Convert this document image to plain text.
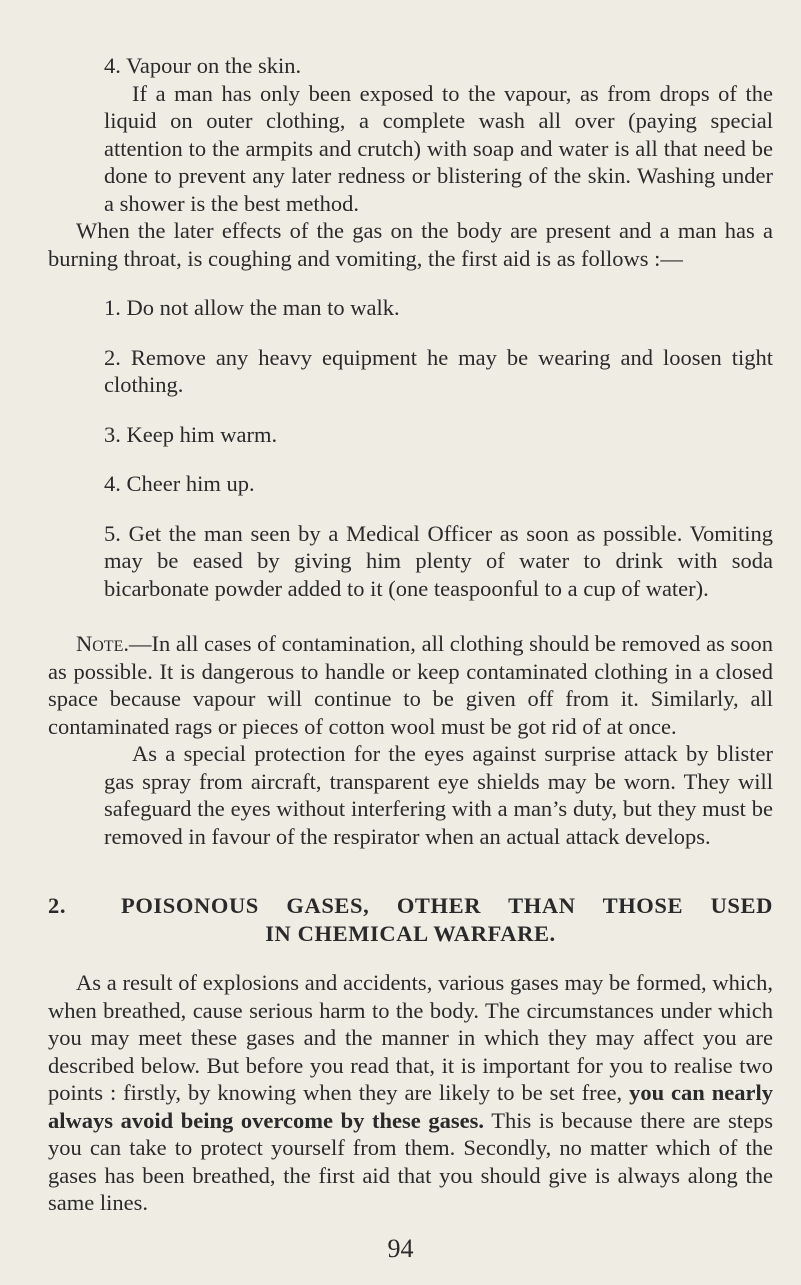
4. Vapour on the skin.

If a man has only been exposed to the vapour, as from drops of the liquid on outer clothing, a complete wash all over (paying special attention to the armpits and crutch) with soap and water is all that need be done to prevent any later redness or blistering of the skin. Washing under a shower is the best method.

When the later effects of the gas on the body are present and a man has a burning throat, is coughing and vomiting, the first aid is as follows :—

1. Do not allow the man to walk.

2. Remove any heavy equipment he may be wearing and loosen tight clothing.

3. Keep him warm.

4. Cheer him up.

5. Get the man seen by a Medical Officer as soon as possible. Vomiting may be eased by giving him plenty of water to drink with soda bicarbonate powder added to it (one teaspoonful to a cup of water).

Note.—In all cases of contamination, all clothing should be removed as soon as possible. It is dangerous to handle or keep contaminated clothing in a closed space because vapour will continue to be given off from it. Similarly, all contaminated rags or pieces of cotton wool must be got rid of at once.

As a special protection for the eyes against surprise attack by blister gas spray from aircraft, transparent eye shields may be worn. They will safeguard the eyes without interfering with a man’s duty, but they must be removed in favour of the respirator when an actual attack develops.

2. POISONOUS GASES, OTHER THAN THOSE USED
IN CHEMICAL WARFARE.

As a result of explosions and accidents, various gases may be formed, which, when breathed, cause serious harm to the body. The circumstances under which you may meet these gases and the manner in which they may affect you are described below. But before you read that, it is important for you to realise two points : firstly, by knowing when they are likely to be set free, you can nearly always avoid being overcome by these gases. This is because there are steps you can take to protect yourself from them. Secondly, no matter which of the gases has been breathed, the first aid that you should give is always along the same lines.

94
